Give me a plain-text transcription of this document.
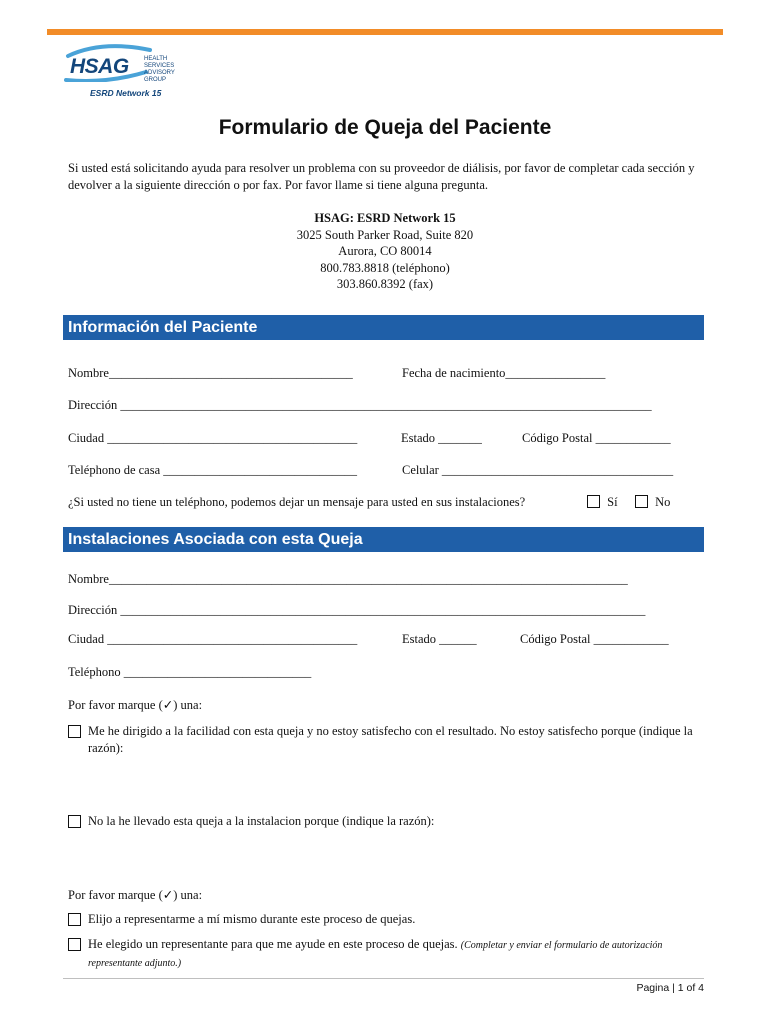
HSAG	HEALTH SERVICES ADVISORY GROUP
ESRD Network 15
Formulario de Queja del Paciente
Si usted está solicitando ayuda para resolver un problema con su proveedor de diálisis, por favor de completar cada sección y devolver a la siguiente dirección o por fax. Por favor llame si tiene alguna pregunta.
HSAG: ESRD Network 15
3025 South Parker Road, Suite 820
Aurora, CO 80014
800.783.8818 (teléphono)
303.860.8392 (fax)
Información del Paciente
Nombre_______________________________________	Fecha de nacimiento________________
Dirección _____________________________________________________________________________________
Ciudad ________________________________________	Estado _______	Código Postal ____________
Teléphono de casa _______________________________	Celular _____________________________________
¿Si usted no tiene un teléphono, podemos dejar un mensaje para usted en sus instalaciones?	Sí	No
Instalaciones Asociada con esta Queja
Nombre___________________________________________________________________________________
Dirección ____________________________________________________________________________________
Ciudad ________________________________________	Estado ______	Código Postal ____________
Teléphono ______________________________
Por favor marque (✓) una:
Me he dirigido a la facilidad con esta queja y no estoy satisfecho con el resultado. No estoy satisfecho porque (indique la razón):
No la he llevado esta queja a la instalacion porque (indique la razón):
Por favor marque (✓) una:
Elijo a representarme a mí mismo durante este proceso de quejas.
He elegido un representante para que me ayude en este proceso de quejas. (Completar y enviar el formulario de autorización representante adjunto.)
Pagina | 1 of 4
